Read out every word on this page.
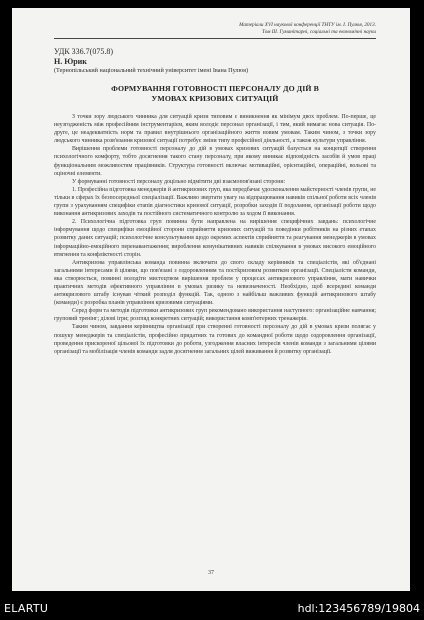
Матеріали XVI наукової конференції ТНТУ ім. І. Пулюя, 2013.
Том III. Гуманітарні, соціальні та економічні науки
УДК 336.7(075.8)
Н. Юрик
(Тернопільський національний технічний університет імені Івана Пулюя)
ФОРМУВАННЯ ГОТОВНОСТІ ПЕРСОНАЛУ ДО ДІЙ В
УМОВАХ КРИЗОВИХ СИТУАЦІЙ

З точки зору людського чинника для ситуацій кризи типовим є виникнення як мінімум двох проблем. По-перше, це неузгодженість між професійним інструментарієм, яким володіє персонал організації, і тим, який вимагає нова ситуація. По-друге, це неадекватність норм та правил внутрішнього організаційного життя новим умовам. Таким чином, з точки зору людського чинника розв'язання кризової ситуації потребує зміни типу професійної діяльності, а також культури управління.

Вирішення проблеми готовності персоналу до дій в умовах кризових ситуацій базується на концепції створення психологічного комфорту, тобто досягнення такого стану персоналу, при якому виникає відповідність засобів й умов праці функціональним можливостям працівників. Структура готовності включає мотиваційні, орієнтаційні, операційні, вольові та оціночні елементи.

У формуванні готовності персоналу доцільно відмітити дві взаємопов'язані сторони:

1. Професійна підготовка менеджерів й антикризових груп, яка передбачає удосконалення майстерності членів групи, не тільки в сферах їх безпосередньої спеціалізації. Важливо звертати увагу на відпрацювання навиків спільної роботи всіх членів групи з урахуванням специфіки етапів діагностики кризової ситуації, розробки заходів її подолання, організації роботи щодо виконання антикризових заходів та постійного систематичного контролю за ходом її виконання.

2. Психологічна підготовка груп повинна бути направлена на вирішення специфічних завдань: психологічне інформування щодо специфіки емоційної сторони сприйняття кризових ситуацій та поведінки робітників на різних етапах розвитку даних ситуацій; психологічне консультування щодо окремих аспектів сприйняття та реагування менеджерів в умовах інформаційно-емоційного перенавантаження; вироблення комунікативних навиків спілкування в умовах високого емоційного втягнення та конфліктності сторін.

Антикризова управлінська команда повинна включати до свого складу керівників та спеціалістів, які об'єднані загальними інтересами й цілями, що пов'язані з оздоровленням та постkризовим розвитком організації. Спеціалісти команди, яка створюється, повинні володіти мистецтвом вирішення проблем у процесах антикризового управління, мати навички практичних методів ефективного управління в умовах ризику та невизначеності. Необхідно, щоб всередині команди антикризового штабу існував чіткий розподіл функцій. Так, одною з найбільш важливих функцій антикризового штабу (команди) є розробка планів управління кризовими ситуаціями.

Серед форм та методів підготовки антикризових груп рекомендовано використання наступного: організаційне навчання; груповий тренінг; ділові ігри; розгляд конкретних ситуацій; використання комп'ютерних тренажерів.

Таким чином, завдання керівництва організації при створенні готовності персоналу до дій в умовах кризи полягає у пошуку менеджерів та спеціалістів, професійно придатних та готових до командної роботи щодо оздоровлення організації, проведення прискореної цільової їх підготовки до роботи, узгодження власних інтересів членів команди з загальними цілями організації та мобілізація членів команди задля досягнення загальних цілей виживання й розвитку організації.

37
ELARTU	hdl:123456789/19804
